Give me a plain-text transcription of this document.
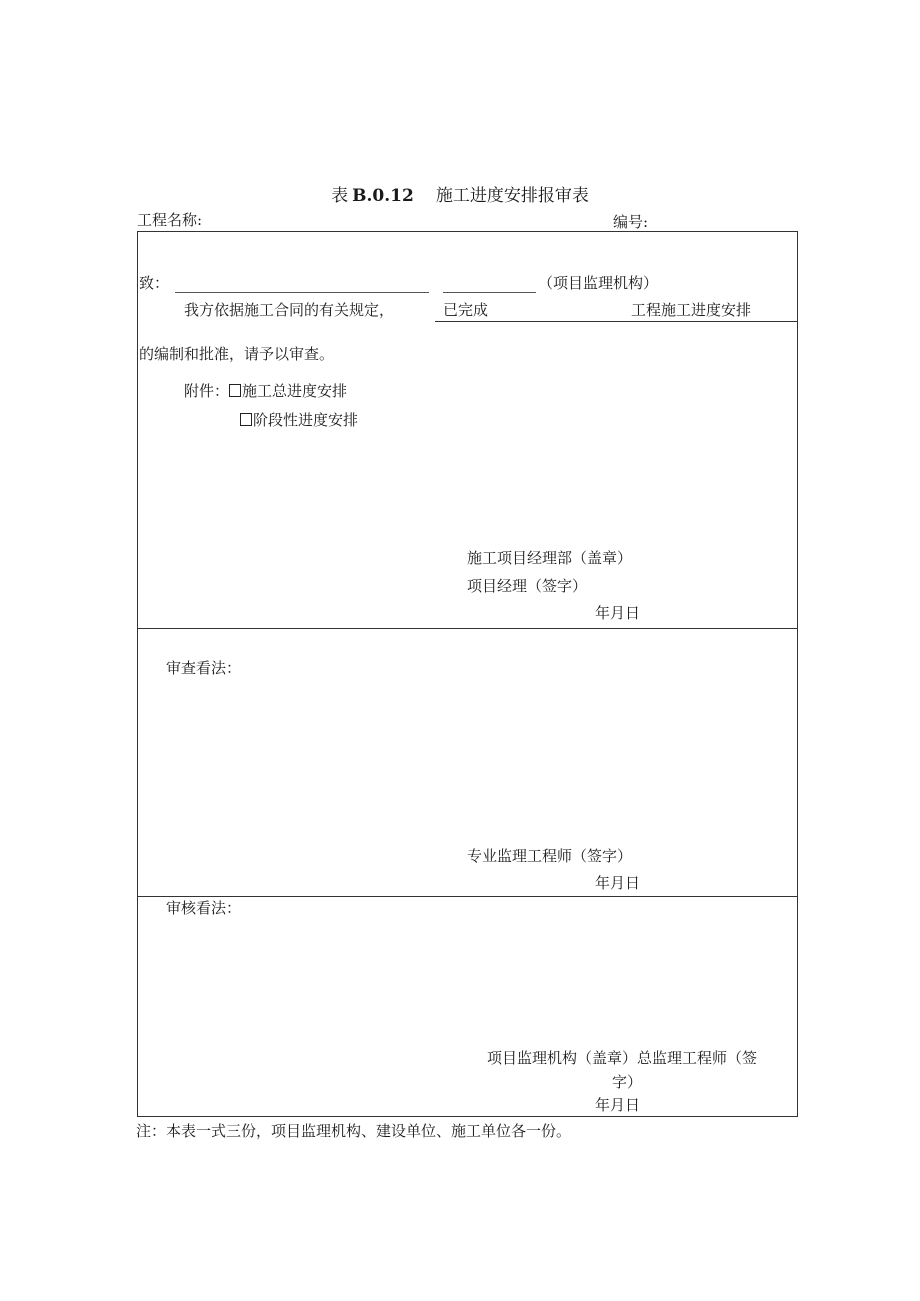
表 B.0.12 施工进度安排报审表
工程名称:	编号:
致：	（项目监理机构）
我方依据施工合同的有关规定，	已完成	工程施工进度安排
的编制和批准，请予以审查。
附件： 施工总进度安排
阶段性进度安排
施工项目经理部（盖章）
项目经理（签字）
年月日
审查看法：
专业监理工程师（签字）
年月日
审核看法：
项目监理机构（盖章）总监理工程师（签
字）
年月日
注：本表一式三份，项目监理机构、建设单位、施工单位各一份。
